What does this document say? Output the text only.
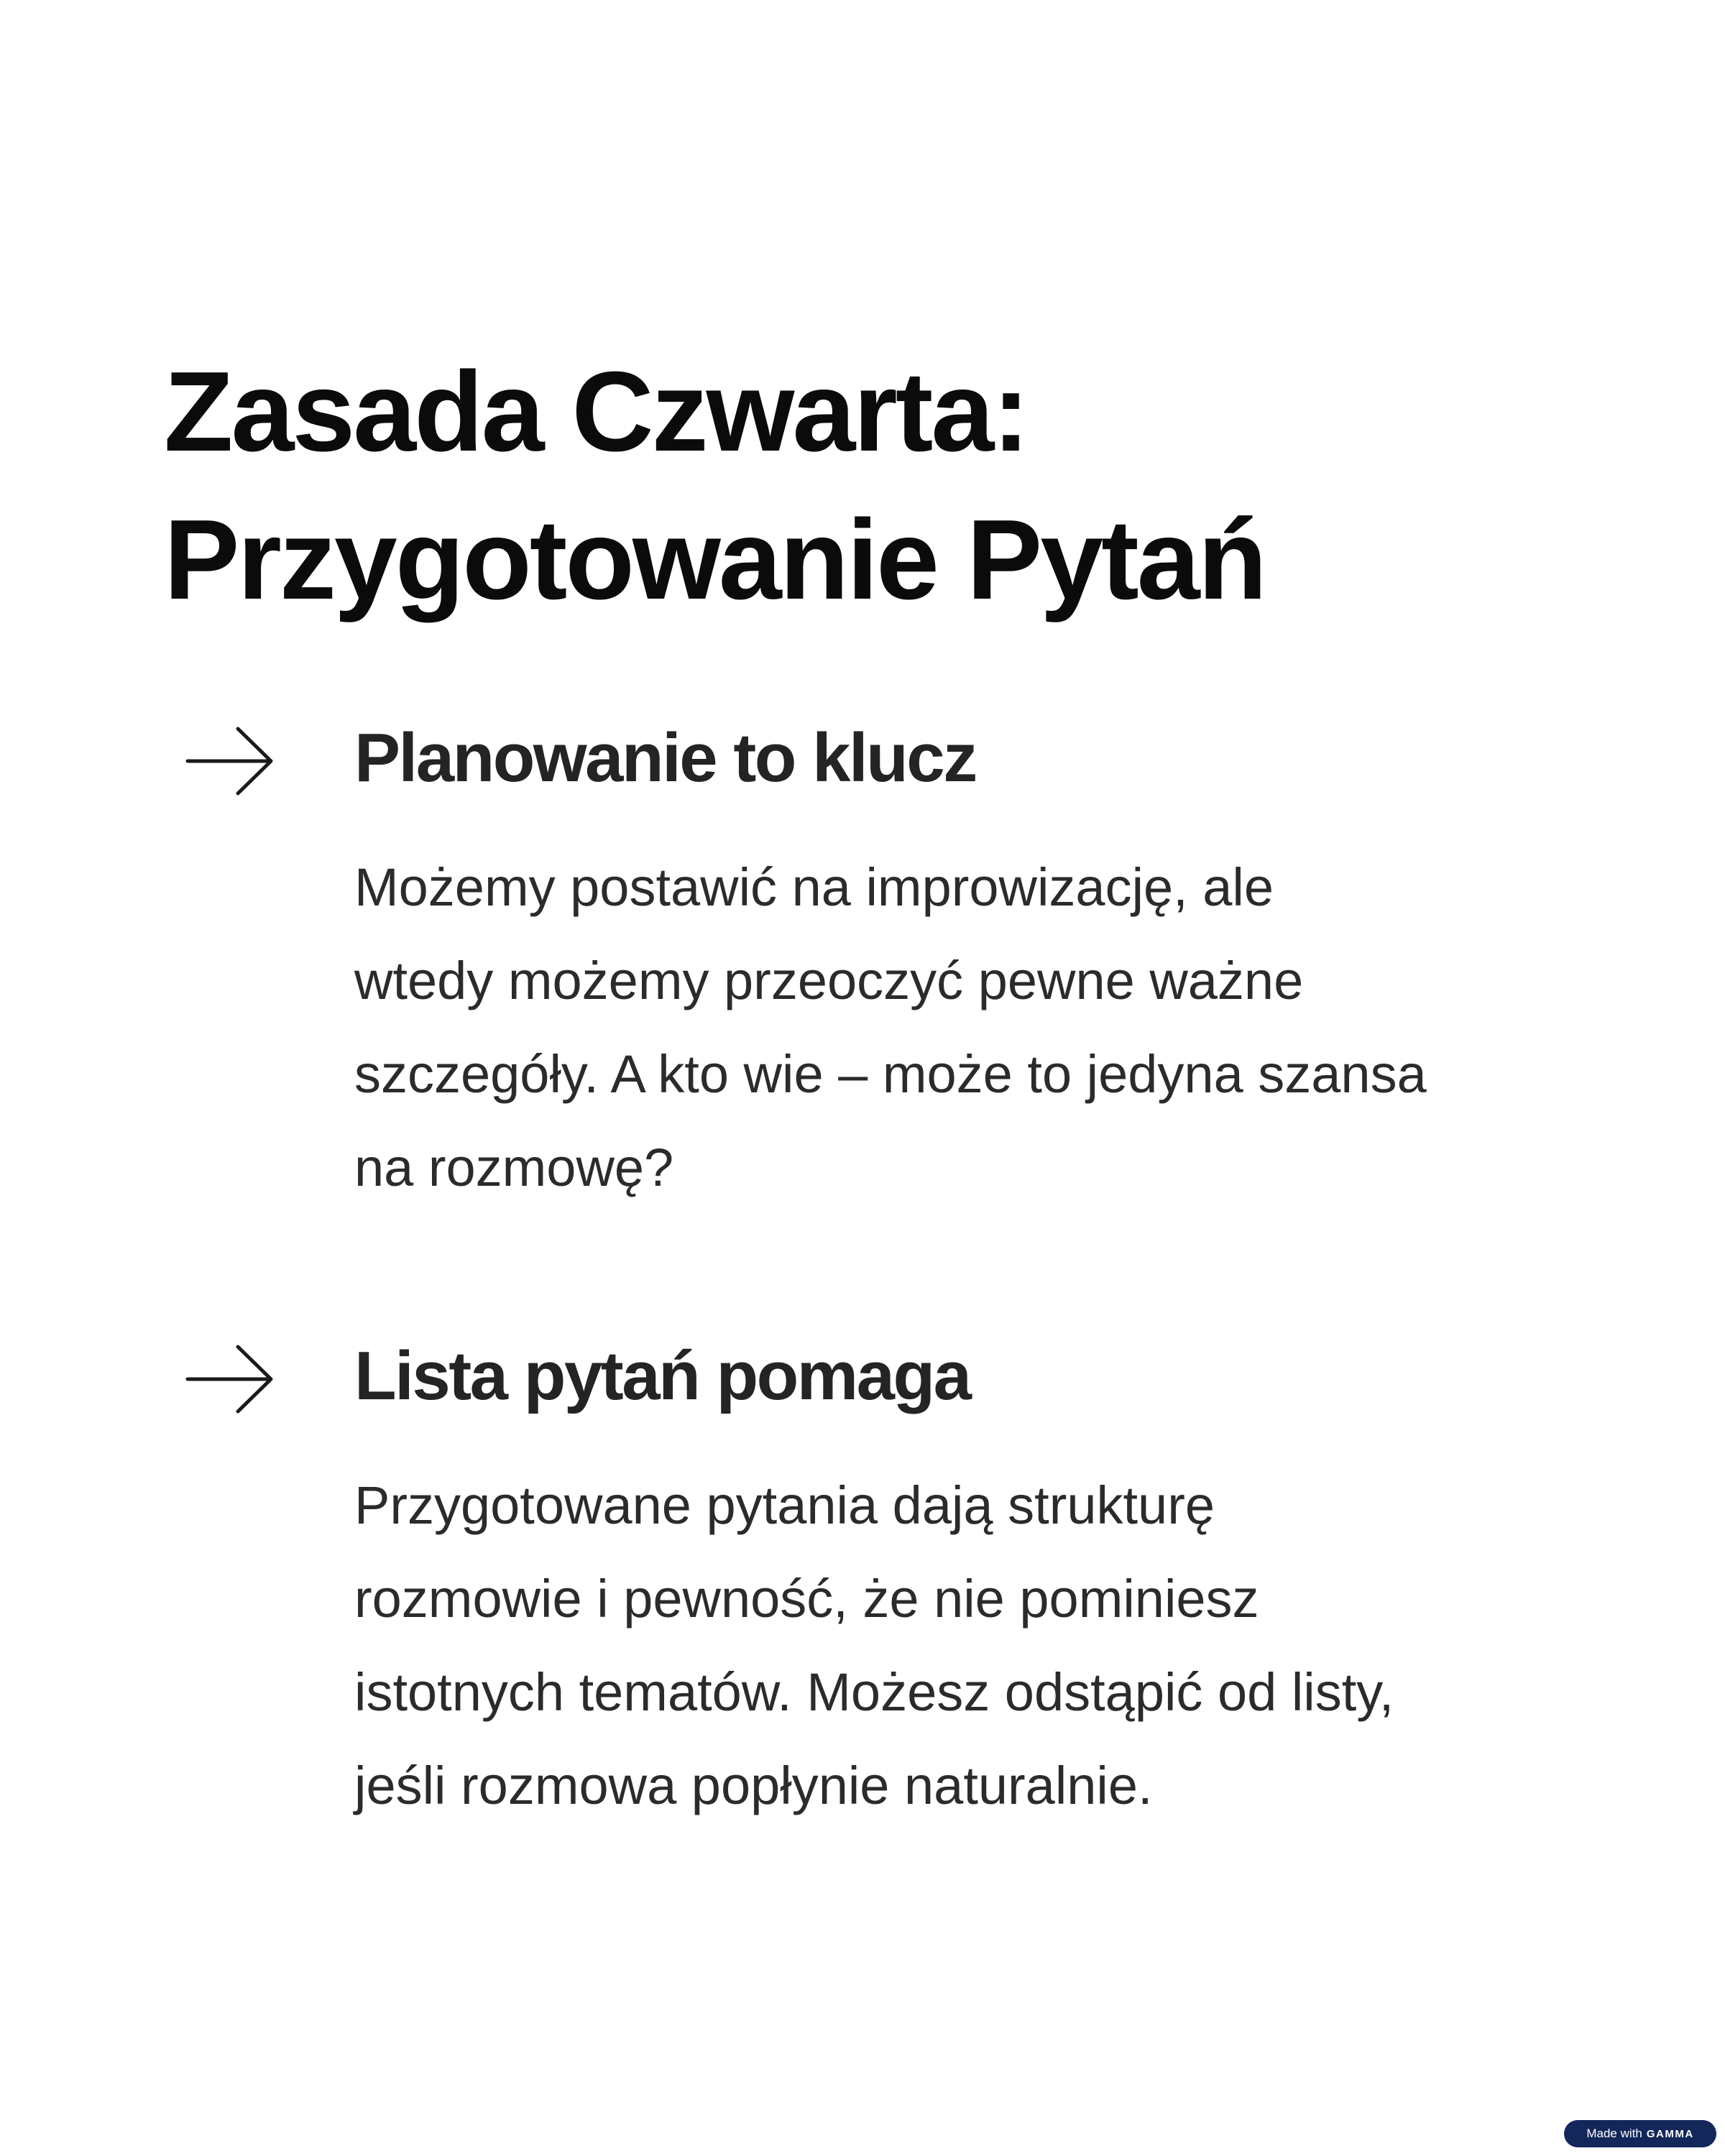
Zasada Czwarta:
Przygotowanie Pytań
Planowanie to klucz

Możemy postawić na improwizację, ale
wtedy możemy przeoczyć pewne ważne
szczegóły. A kto wie – może to jedyna szansa
na rozmowę?

Lista pytań pomaga

Przygotowane pytania dają strukturę
rozmowie i pewność, że nie pominiesz
istotnych tematów. Możesz odstąpić od listy,
jeśli rozmowa popłynie naturalnie.

Made with GAMMA
